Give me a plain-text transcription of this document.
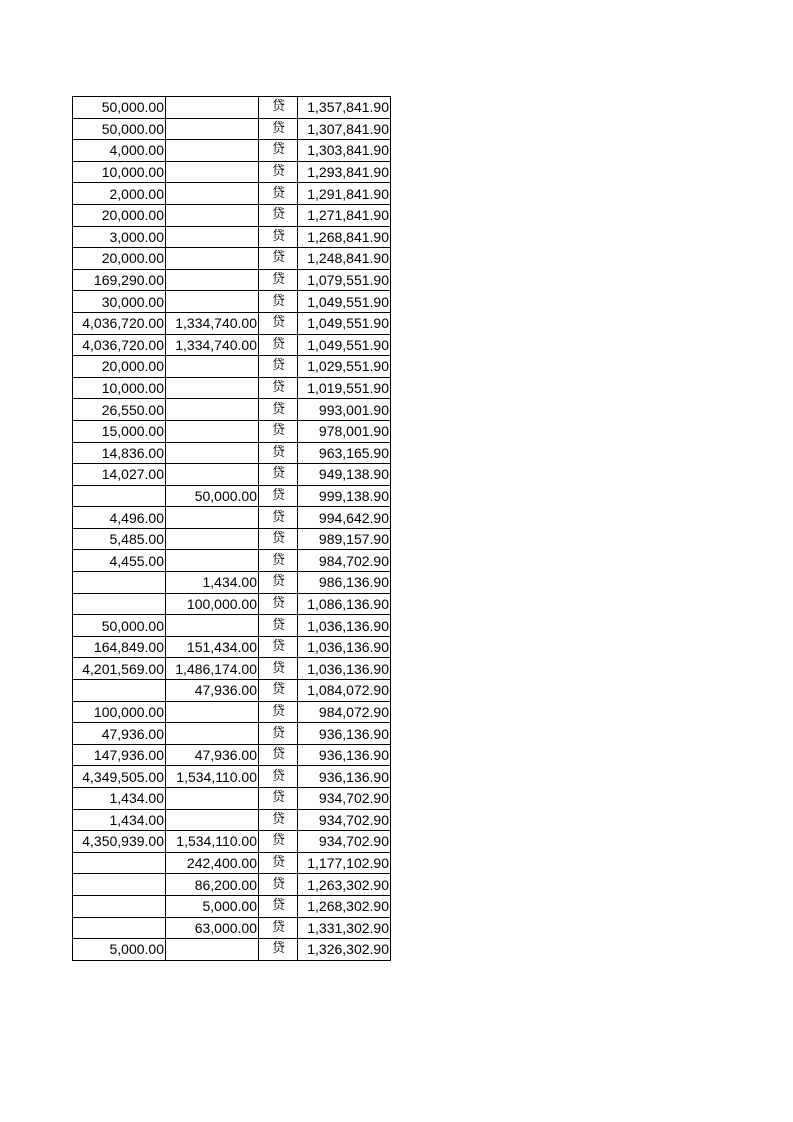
50,000.00		贷	1,357,841.90
50,000.00		贷	1,307,841.90
4,000.00		贷	1,303,841.90
10,000.00		贷	1,293,841.90
2,000.00		贷	1,291,841.90
20,000.00		贷	1,271,841.90
3,000.00		贷	1,268,841.90
20,000.00		贷	1,248,841.90
169,290.00		贷	1,079,551.90
30,000.00		贷	1,049,551.90
4,036,720.00	1,334,740.00	贷	1,049,551.90
4,036,720.00	1,334,740.00	贷	1,049,551.90
20,000.00		贷	1,029,551.90
10,000.00		贷	1,019,551.90
26,550.00		贷	993,001.90
15,000.00		贷	978,001.90
14,836.00		贷	963,165.90
14,027.00		贷	949,138.90
	50,000.00	贷	999,138.90
4,496.00		贷	994,642.90
5,485.00		贷	989,157.90
4,455.00		贷	984,702.90
	1,434.00	贷	986,136.90
	100,000.00	贷	1,086,136.90
50,000.00		贷	1,036,136.90
164,849.00	151,434.00	贷	1,036,136.90
4,201,569.00	1,486,174.00	贷	1,036,136.90
	47,936.00	贷	1,084,072.90
100,000.00		贷	984,072.90
47,936.00		贷	936,136.90
147,936.00	47,936.00	贷	936,136.90
4,349,505.00	1,534,110.00	贷	936,136.90
1,434.00		贷	934,702.90
1,434.00		贷	934,702.90
4,350,939.00	1,534,110.00	贷	934,702.90
	242,400.00	贷	1,177,102.90
	86,200.00	贷	1,263,302.90
	5,000.00	贷	1,268,302.90
	63,000.00	贷	1,331,302.90
5,000.00		贷	1,326,302.90
